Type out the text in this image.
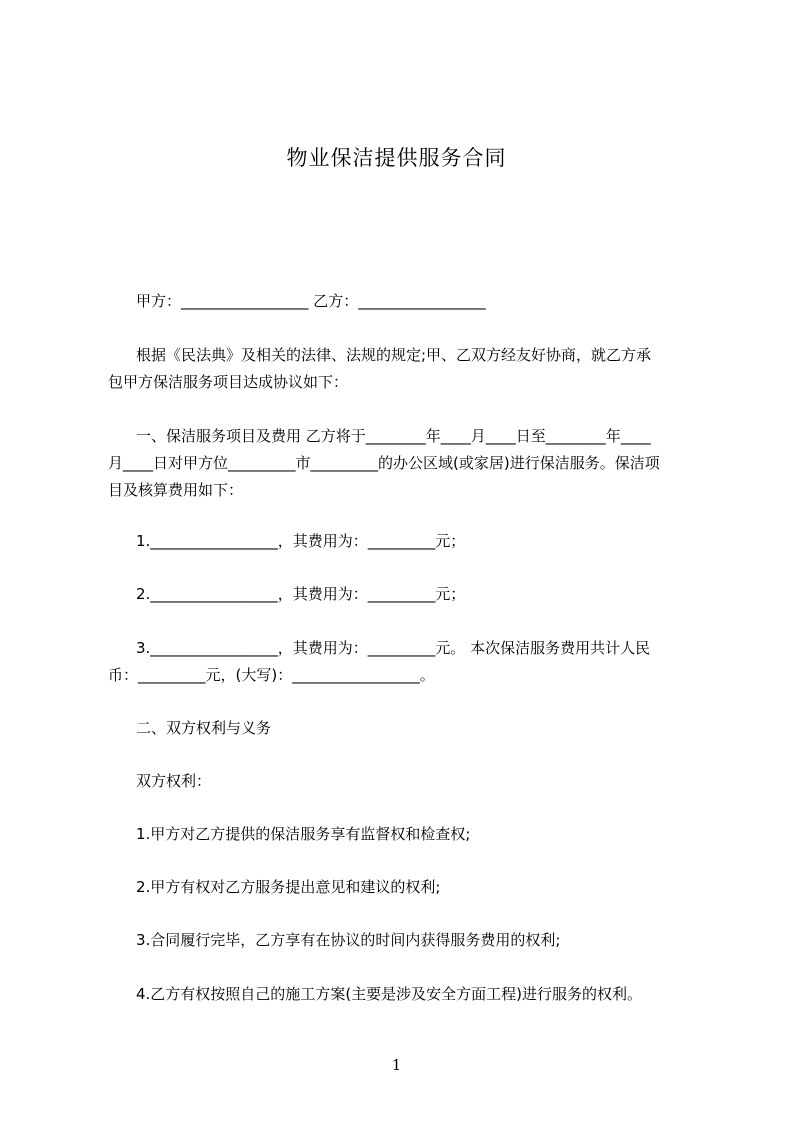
物业保洁提供服务合同

甲方：_________________ 乙方：_________________

根据《民法典》及相关的法律、法规的规定;甲、乙双方经友好协商，就乙方承

包甲方保洁服务项目达成协议如下：

一、保洁服务项目及费用 乙方将于________年____月____日至________年____

月____日对甲方位_________市_________的办公区域(或家居)进行保洁服务。保洁项

目及核算费用如下：

1._________________，其费用为：_________元；

2._________________，其费用为：_________元；

3._________________，其费用为：_________元。 本次保洁服务费用共计人民

币：_________元，(大写)：_________________。

二、双方权利与义务

双方权利：

1.甲方对乙方提供的保洁服务享有监督权和检查权;

2.甲方有权对乙方服务提出意见和建议的权利;

3.合同履行完毕，乙方享有在协议的时间内获得服务费用的权利;

4.乙方有权按照自己的施工方案(主要是涉及安全方面工程)进行服务的权利。

1
